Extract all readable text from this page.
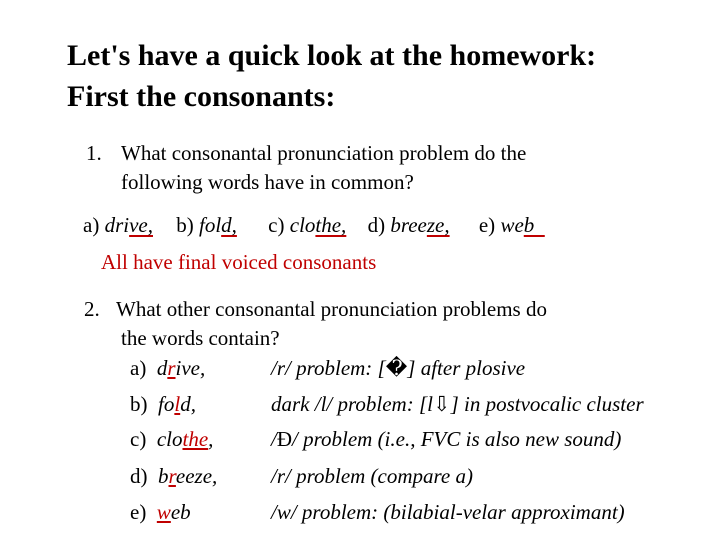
Let's have a quick look at the homework:
First the consonants:
1. What consonantal pronunciation problem do the
following words have in common?
a) drive, b) fold, c) clothe, d) breeze, e) web
All have final voiced consonants
2. What other consonantal pronunciation problems do
the words contain?
a) drive,	/r/ problem: [�] after plosive
b) fold,	dark /l/ problem: [l⇩] in postvocalic cluster
c) clothe,	/Ð/ problem (i.e., FVC is also new sound)
d) breeze,	/r/ problem (compare a)
e) web	/w/ problem: (bilabial-velar approximant)
